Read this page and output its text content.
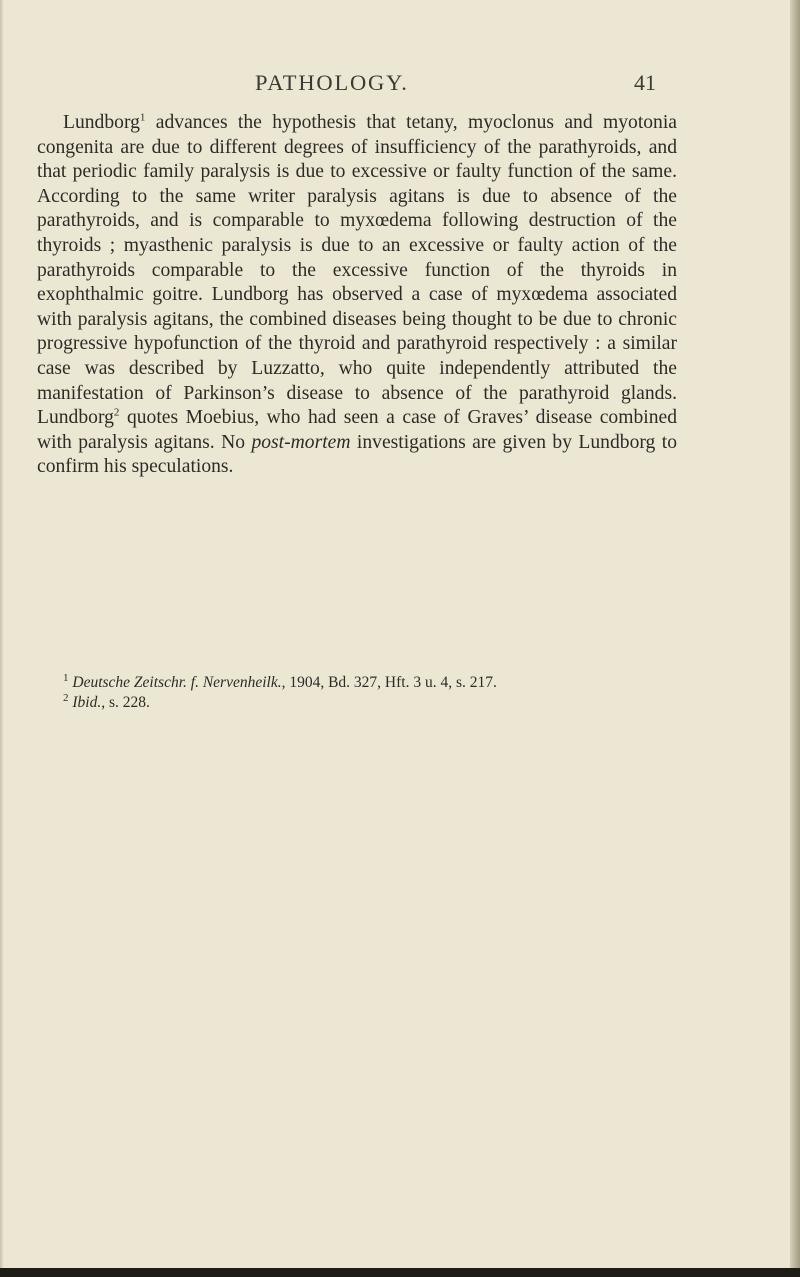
PATHOLOGY.	41

Lundborg$^1$ advances the hypothesis that tetany, myoclonus and myotonia congenita are due to different degrees of insufficiency of the parathyroids, and that periodic family paralysis is due to excessive or faulty function of the same. According to the same writer paralysis agitans is due to absence of the parathyroids, and is comparable to myxœdema following destruction of the thyroids ; myasthenic paralysis is due to an excessive or faulty action of the parathyroids comparable to the excessive function of the thyroids in exophthalmic goitre. Lundborg has observed a case of myxœdema associated with paralysis agitans, the combined diseases being thought to be due to chronic progressive hypofunction of the thyroid and parathyroid respectively : a similar case was described by Luzzatto, who quite independently attributed the manifestation of Parkinson’s disease to absence of the parathyroid glands. Lundborg$^2$ quotes Moebius, who had seen a case of Graves’ disease combined with paralysis agitans. No post-mortem investigations are given by Lundborg to confirm his speculations.

$^1$ Deutsche Zeitschr. f. Nervenheilk., 1904, Bd. 327, Hft. 3 u. 4, s. 217.
$^2$ Ibid., s. 228.
